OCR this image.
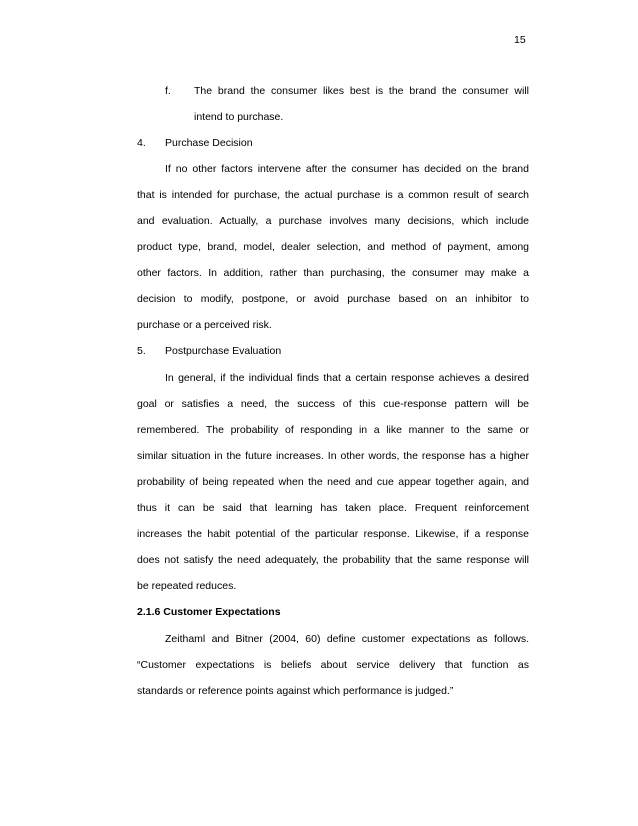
15
f. The brand the consumer likes best is the brand the consumer will
intend to purchase.
4. Purchase Decision
If no other factors intervene after the consumer has decided on the brand
that is intended for purchase, the actual purchase is a common result of search
and evaluation. Actually, a purchase involves many decisions, which include
product type, brand, model, dealer selection, and method of payment, among
other factors. In addition, rather than purchasing, the consumer may make a
decision to modify, postpone, or avoid purchase based on an inhibitor to
purchase or a perceived risk.
5. Postpurchase Evaluation
In general, if the individual finds that a certain response achieves a desired
goal or satisfies a need, the success of this cue-response pattern will be
remembered. The probability of responding in a like manner to the same or
similar situation in the future increases. In other words, the response has a higher
probability of being repeated when the need and cue appear together again, and
thus it can be said that learning has taken place. Frequent reinforcement
increases the habit potential of the particular response. Likewise, if a response
does not satisfy the need adequately, the probability that the same response will
be repeated reduces.
2.1.6 Customer Expectations
Zeithaml and Bitner (2004, 60) define customer expectations as follows.
“Customer expectations is beliefs about service delivery that function as
standards or reference points against which performance is judged.”
